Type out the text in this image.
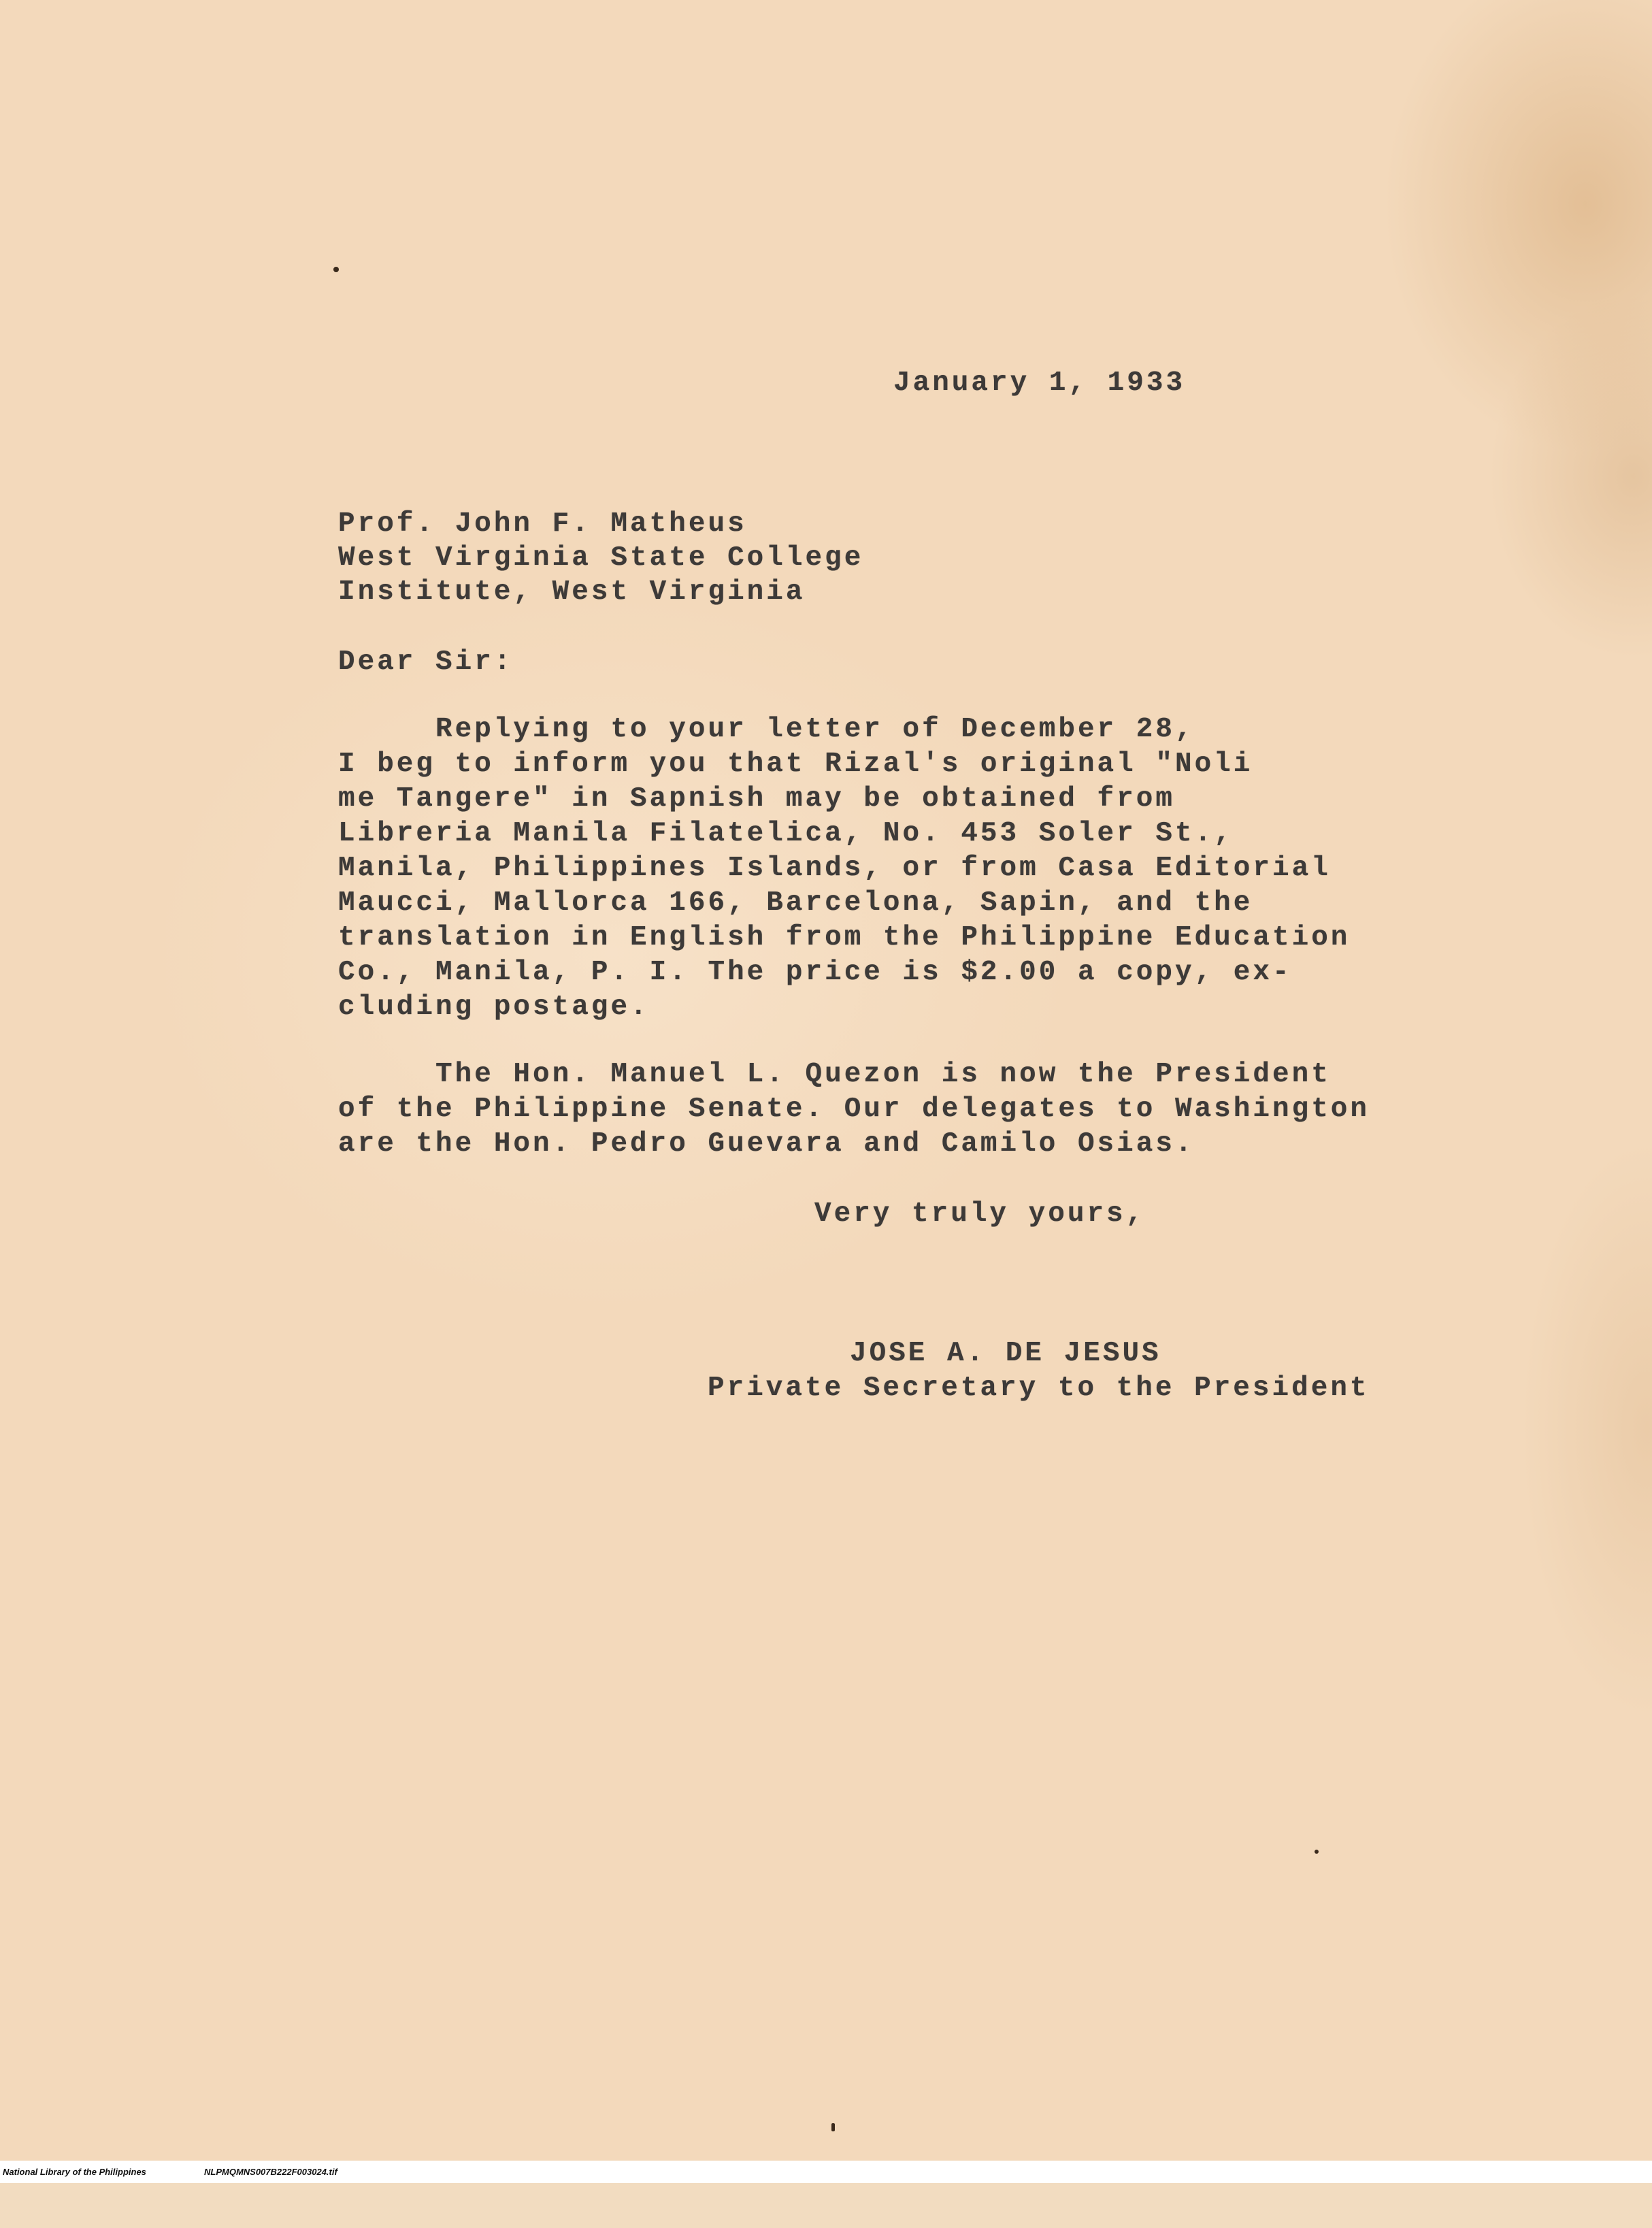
January 1, 1933
Prof. John F. Matheus
West Virginia State College
Institute, West Virginia
Dear Sir:
Replying to your letter of December 28,
I beg to inform you that Rizal's original "Noli
me Tangere" in Sapnish may be obtained from
Libreria Manila Filatelica, No. 453 Soler St.,
Manila, Philippines Islands, or from Casa Editorial
Maucci, Mallorca 166, Barcelona, Sapin, and the
translation in English from the Philippine Education
Co., Manila, P. I. The price is $2.00 a copy, ex-
cluding postage.
The Hon. Manuel L. Quezon is now the President
of the Philippine Senate. Our delegates to Washington
are the Hon. Pedro Guevara and Camilo Osias.
Very truly yours,
JOSE A. DE JESUS
Private Secretary to the President

National Library of the Philippines

	NLPMQMNS007B222F003024.tif
